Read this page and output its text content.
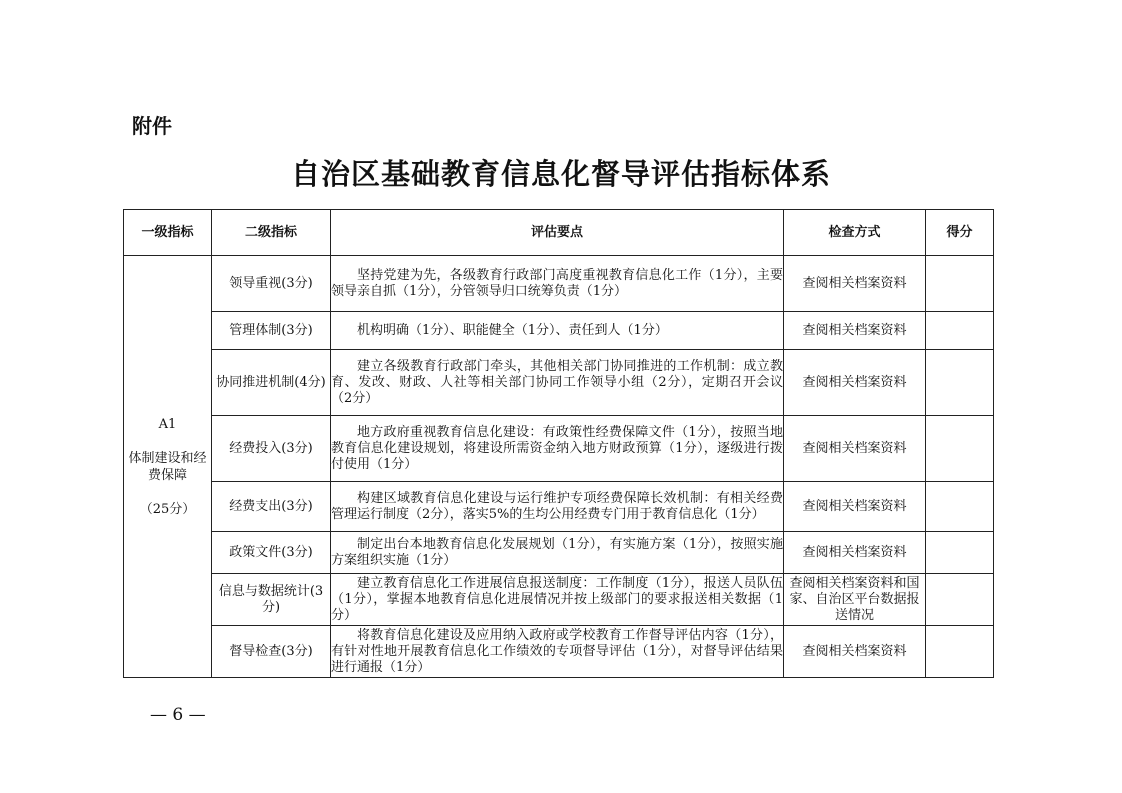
附件
自治区基础教育信息化督导评估指标体系
一级指标	二级指标	评估要点	检查方式	得分

A1
体制建设和经费保障
（25分）	领导重视(3分)	坚持党建为先，各级教育行政部门高度重视教育信息化工作（1分），主要领导亲自抓（1分），分管领导归口统筹负责（1分）	查阅相关档案资料	
	管理体制(3分)	机构明确（1分）、职能健全（1分）、责任到人（1分）	查阅相关档案资料	
	协同推进机制(4分)	建立各级教育行政部门牵头，其他相关部门协同推进的工作机制：成立教育、发改、财政、人社等相关部门协同工作领导小组（2分），定期召开会议（2分）	查阅相关档案资料	
	经费投入(3分)	地方政府重视教育信息化建设：有政策性经费保障文件（1分），按照当地教育信息化建设规划，将建设所需资金纳入地方财政预算（1分），逐级进行拨付使用（1分）	查阅相关档案资料	
	经费支出(3分)	构建区域教育信息化建设与运行维护专项经费保障长效机制：有相关经费管理运行制度（2分），落实5%的生均公用经费专门用于教育信息化（1分）	查阅相关档案资料	
	政策文件(3分)	制定出台本地教育信息化发展规划（1分），有实施方案（1分），按照实施方案组织实施（1分）	查阅相关档案资料	
	信息与数据统计(3分)	建立教育信息化工作进展信息报送制度：工作制度（1分），报送人员队伍（1分），掌握本地教育信息化进展情况并按上级部门的要求报送相关数据（1分）	查阅相关档案资料和国家、自治区平台数据报送情况	
	督导检查(3分)	将教育信息化建设及应用纳入政府或学校教育工作督导评估内容（1分），有针对性地开展教育信息化工作绩效的专项督导评估（1分），对督导评估结果进行通报（1分）	查阅相关档案资料	
— 6 —
